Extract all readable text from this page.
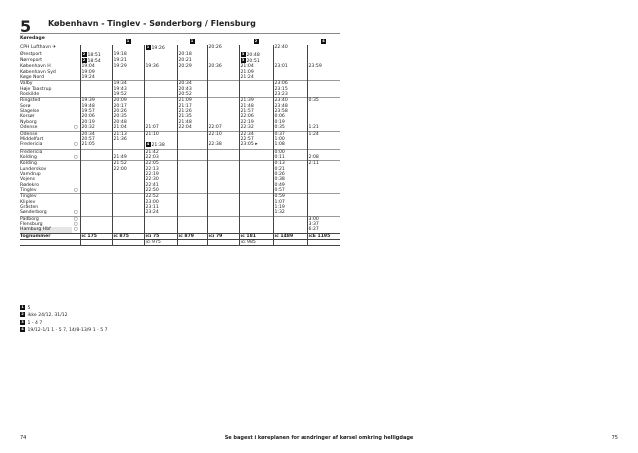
5 København - Tinglev - Sønderborg / Flensburg
Køredage
				1		1		2		4
CPH Lufthavn ✈				1 19:26		20:26		22:40	
Ørestport		2 18:51	19:18		20:18		3 20:48		
Nørreport		2 18:54	19:21		20:21		3 20:51		
København H		19:04	19:29	19:36	20:29	20:36	21:04	23:01	23:59
København Syd		19:09					21:09		
Køge Nord		19:24					21:24		
Valby			19:34		20:34			23:06	
Høje Taastrup			19:43		20:43			23:15	
Roskilde			19:52		20:52			23:23	
Ringsted		19:39	20:09		21:09		21:39	23:40	0:35
Sorø		19:48	20:17		21:17		21:48	23:48	
Slagelse		19:57	20:26		21:26		21:57	23:58	
Korsør		20:06	20:35		21:35		22:06	0:06	
Nyborg		20:19	20:48		21:48		22:19	0:19	
Odense	○	20:32	21:04	21:07	22:04	22:07	22:32	0:35	1:21
Odense		20:34	21:13	21:10		22:10	22:34	0:37	1:24
Middelfart		20:57	21:36				22:57	1:00	
Fredericia	○	21:05		4 21:38		22:38	23:05 ▸	1:08	
Fredericia				21:42				0:00	
Kolding	○		21:49	22:03				0:11	2:08
Kolding			21:52	22:05				0:13	2:11
Lunderskov			22:00	22:13				0:21	
Vamdrup				22:19				0:26	
Vojens				22:30				0:38	
Rødekro				22:41				0:49	
Tinglev	○			22:50				0:57	
Tinglev				22:52				0:59	
Kliplev				23:00				1:07	
Gråsten				23:11				1:19	
Sønderborg	○			23:24				1:32	
Padborg	○								3:00
Flensburg	○								3:37
Hamburg Hbf	○								6:27
Tognummer		ıc 175	ıc 875	ıcı 75	ıc 879	ıcı 79	ıc 181	ıc 1489	ıcE 1195
				ıcı 975			ıcı 985		
1 5
2 ikke 24/12, 31/12
3 1 - 4 7
4 19/12-1/1 1 - 5 7, 14/8-13/9 1 - 5 7
74	Se bagest i køreplanen for ændringer af kørsel omkring helligdage	75
